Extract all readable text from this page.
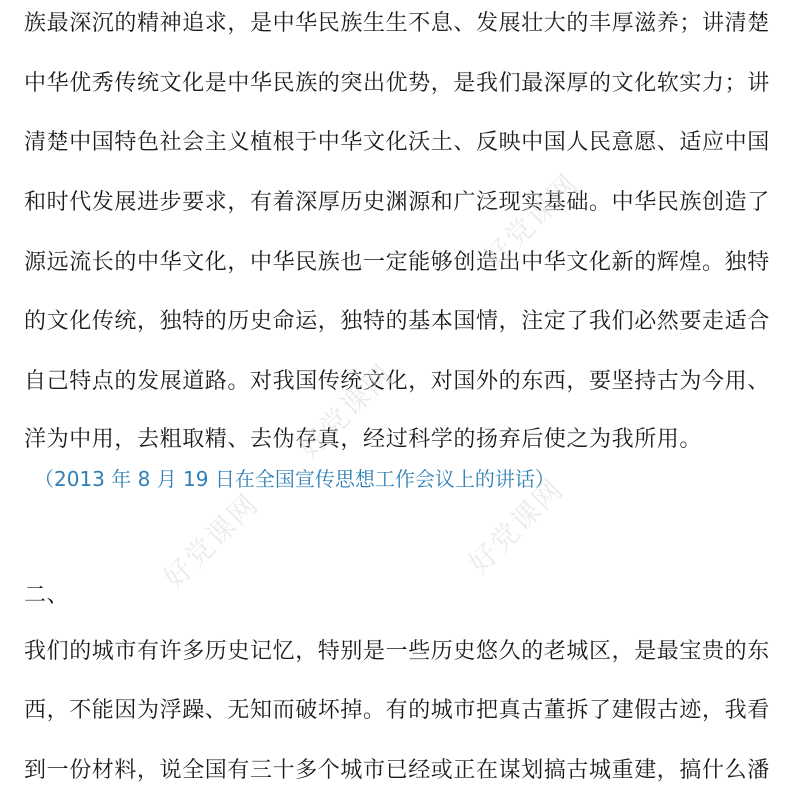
族最深沉的精神追求，是中华民族生生不息、发展壮大的丰厚滋养；讲清楚
中华优秀传统文化是中华民族的突出优势，是我们最深厚的文化软实力；讲
清楚中国特色社会主义植根于中华文化沃土、反映中国人民意愿、适应中国
和时代发展进步要求，有着深厚历史渊源和广泛现实基础。中华民族创造了
源远流长的中华文化，中华民族也一定能够创造出中华文化新的辉煌。独特
的文化传统，独特的历史命运，独特的基本国情，注定了我们必然要走适合
自己特点的发展道路。对我国传统文化，对国外的东西，要坚持古为今用、
洋为中用，去粗取精、去伪存真，经过科学的扬弃后使之为我所用。
（2013 年 8 月 19 日在全国宣传思想工作会议上的讲话）
二、
我们的城市有许多历史记忆，特别是一些历史悠久的老城区，是最宝贵的东
西，不能因为浮躁、无知而破坏掉。有的城市把真古董拆了建假古迹，我看
到一份材料，说全国有三十多个城市已经或正在谋划搞古城重建，搞什么潘
好党课网
好党课网
好党课网	好党课网
